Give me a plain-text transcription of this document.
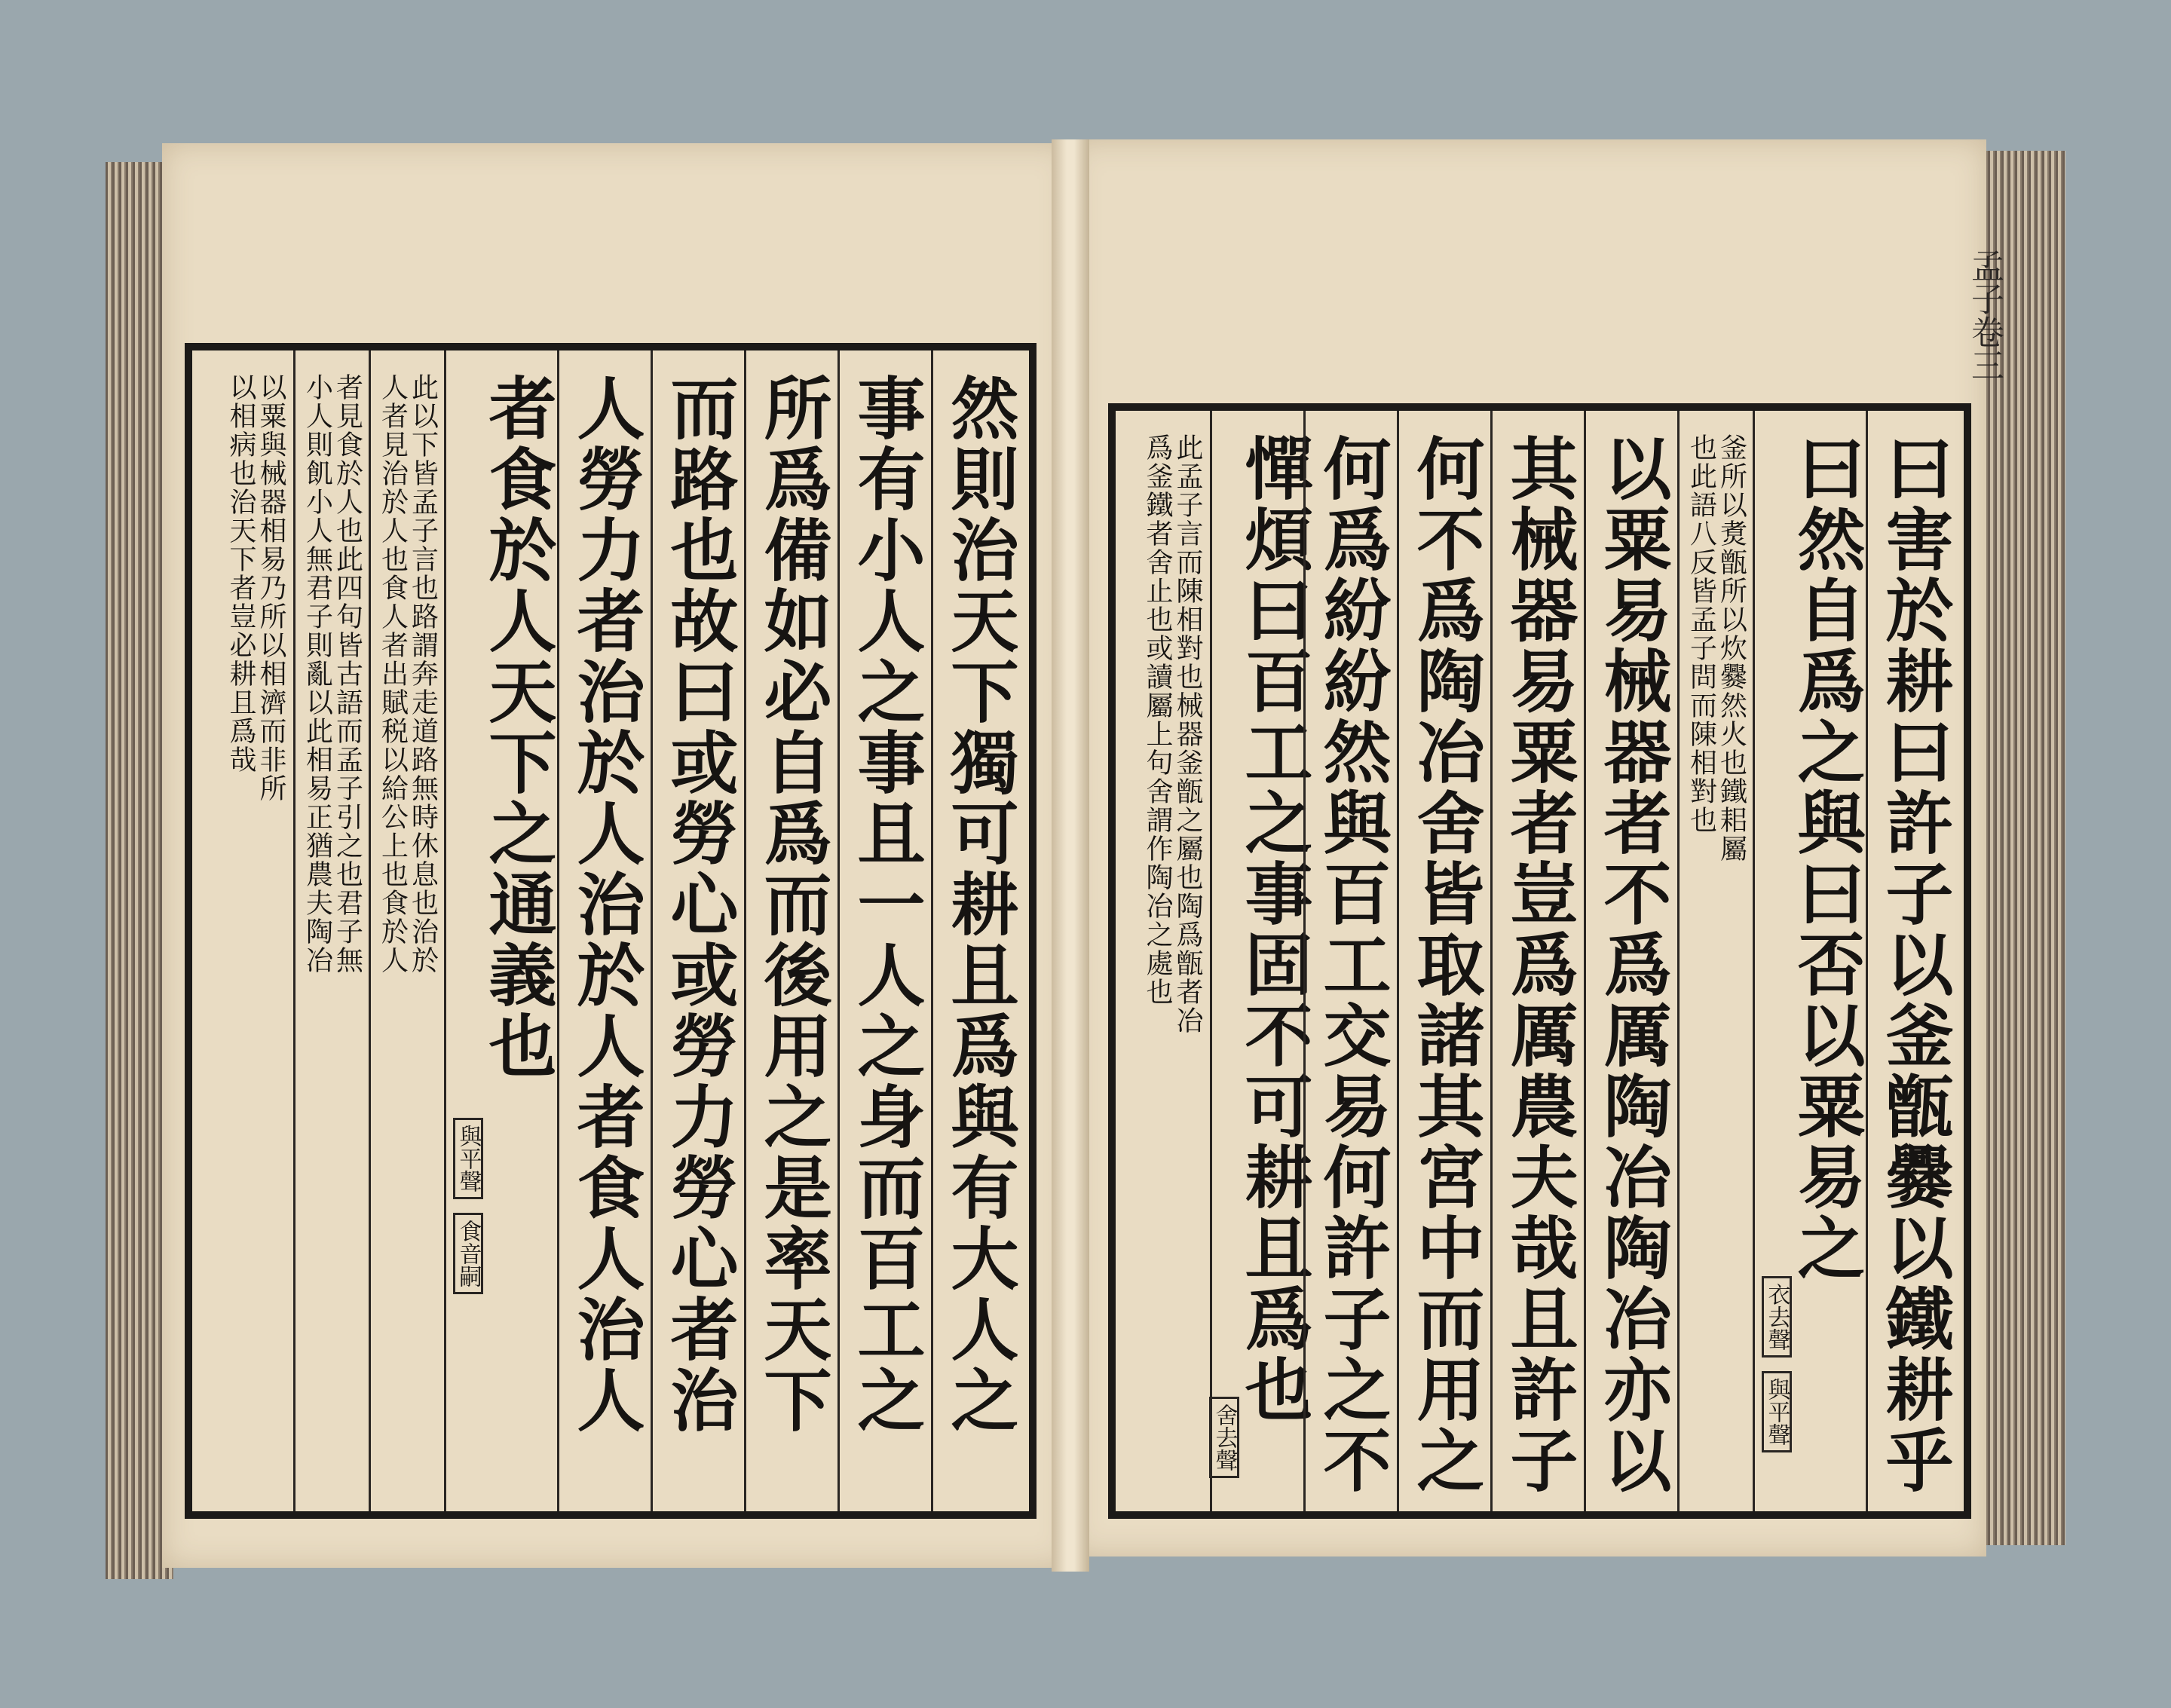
孟子卷三
曰害於耕曰許子以釜甑爨以鐵耕乎
曰然自爲之與曰否以粟易之
衣去聲
與平聲
釜所以煑甑所以炊爨然火也鐵耜屬
也此語八反皆孟子問而陳相對也
以粟易械器者不爲厲陶冶陶冶亦以
其械器易粟者豈爲厲農夫哉且許子
何不爲陶冶舍皆取諸其宮中而用之
何爲紛紛然與百工交易何許子之不
憚煩曰百工之事固不可耕且爲也
舍去聲
此孟子言而陳相對也械器釜甑之屬也陶爲甑者冶
爲釜鐵者舍止也或讀屬上句舍謂作陶冶之處也
然則治天下獨可耕且爲與有大人之
事有小人之事且一人之身而百工之
所爲備如必自爲而後用之是率天下
而路也故曰或勞心或勞力勞心者治
人勞力者治於人治於人者食人治人
者食於人天下之通義也
與平聲
食音嗣
此以下皆孟子言也路謂奔走道路無時休息也治於
人者見治於人也食人者出賦税以給公上也食於人
者見食於人也此四句皆古語而孟子引之也君子無
小人則飢小人無君子則亂以此相易正猶農夫陶冶
以粟與械器相易乃所以相濟而非所
以相病也治天下者豈必耕且爲哉
